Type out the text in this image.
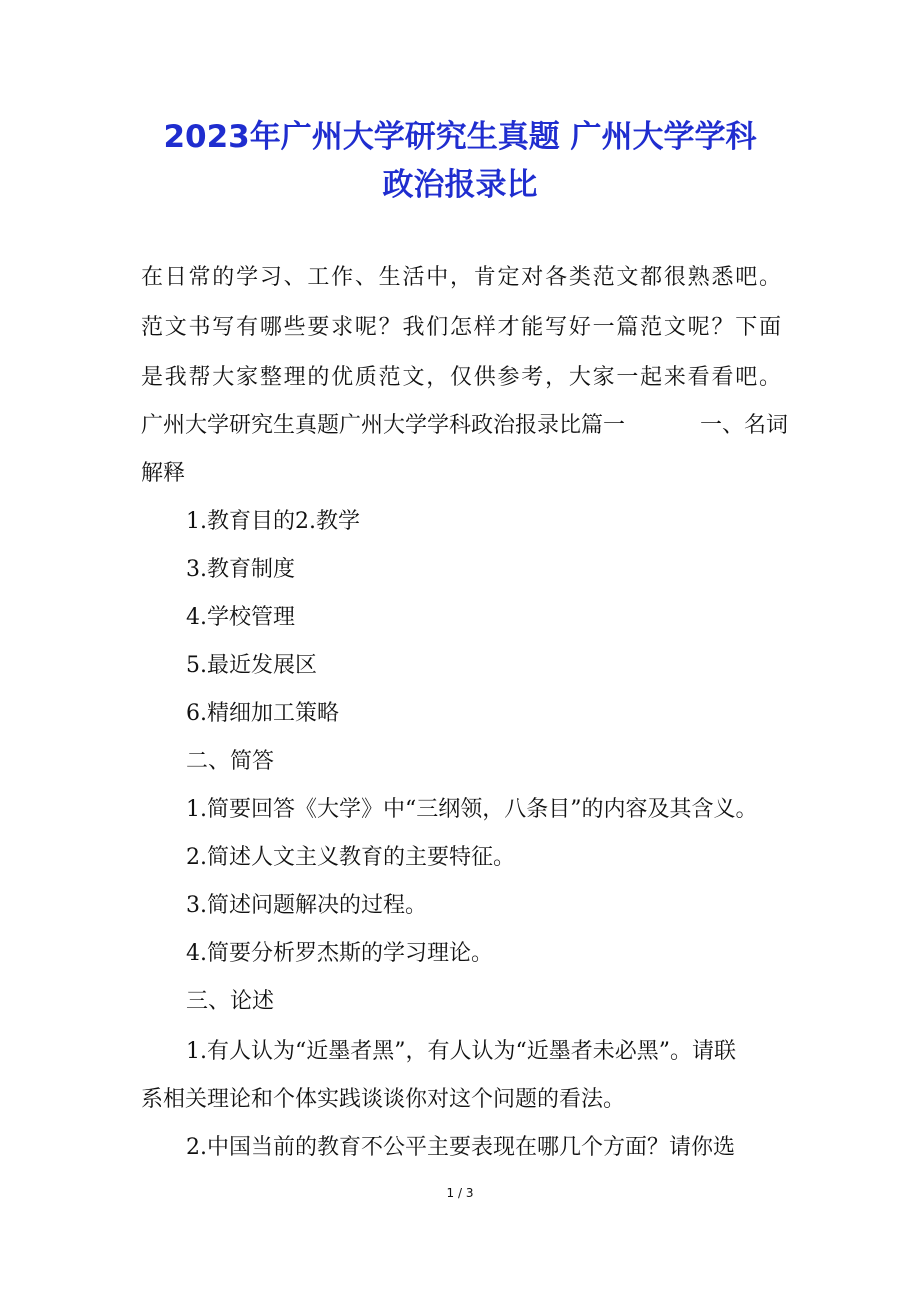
2023年广州大学研究生真题 广州大学学科
政治报录比
在日常的学习、工作、生活中，肯定对各类范文都很熟悉吧。
范文书写有哪些要求呢？我们怎样才能写好一篇范文呢？下面
是我帮大家整理的优质范文，仅供参考，大家一起来看看吧。
广州大学研究生真题广州大学学科政治报录比篇一	一、名词
解释
1.教育目的2.教学
3.教育制度
4.学校管理
5.最近发展区
6.精细加工策略
二、简答
1.简要回答《大学》中“三纲领，八条目”的内容及其含义。
2.简述人文主义教育的主要特征。
3.简述问题解决的过程。
4.简要分析罗杰斯的学习理论。
三、论述
1.有人认为“近墨者黑”，有人认为“近墨者未必黑”。请联
系相关理论和个体实践谈谈你对这个问题的看法。
2.中国当前的教育不公平主要表现在哪几个方面？请你选
1 / 3
